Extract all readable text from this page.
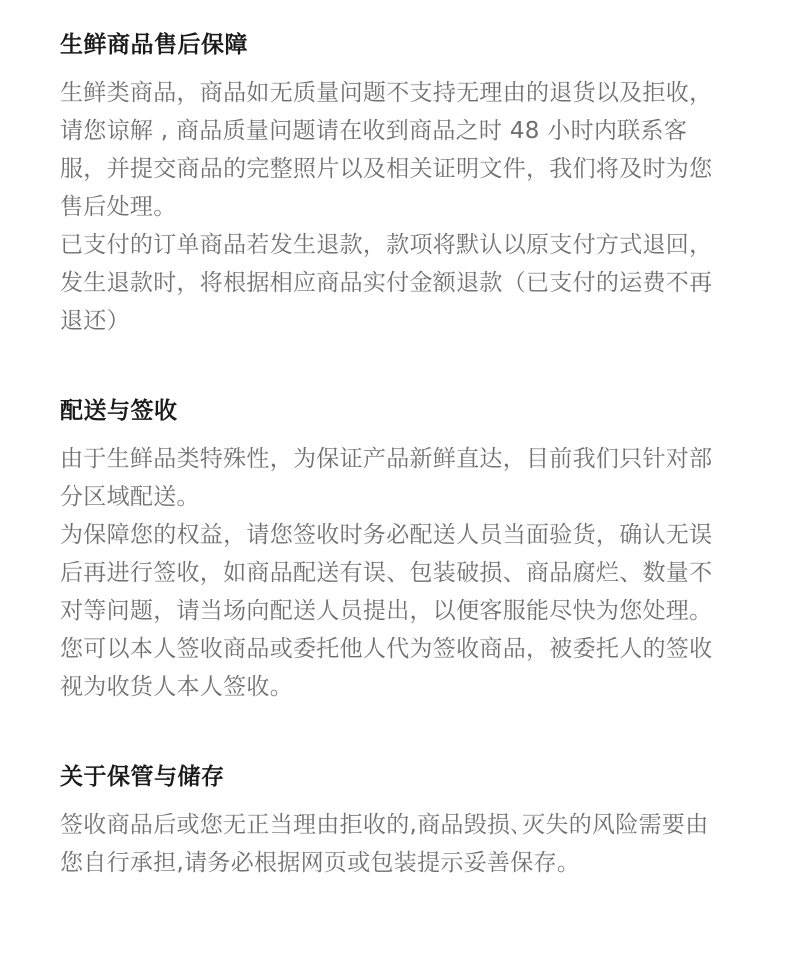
生鲜商品售后保障

生鲜类商品，商品如无质量问题不支持无理由的退货以及拒收，请您谅解 , 商品质量问题请在收到商品之时 48 小时内联系客服，并提交商品的完整照片以及相关证明文件，我们将及时为您售后处理。

已支付的订单商品若发生退款，款项将默认以原支付方式退回，发生退款时，将根据相应商品实付金额退款（已支付的运费不再退还）

配送与签收

由于生鲜品类特殊性，为保证产品新鲜直达，目前我们只针对部分区域配送。

为保障您的权益，请您签收时务必配送人员当面验货，确认无误后再进行签收，如商品配送有误、包装破损、商品腐烂、数量不对等问题，请当场向配送人员提出，以便客服能尽快为您处理。

您可以本人签收商品或委托他人代为签收商品，被委托人的签收视为收货人本人签收。

关于保管与储存

签收商品后或您无正当理由拒收的,商品毁损､灭失的风险需要由您自行承担,请务必根据网页或包装提示妥善保存。
